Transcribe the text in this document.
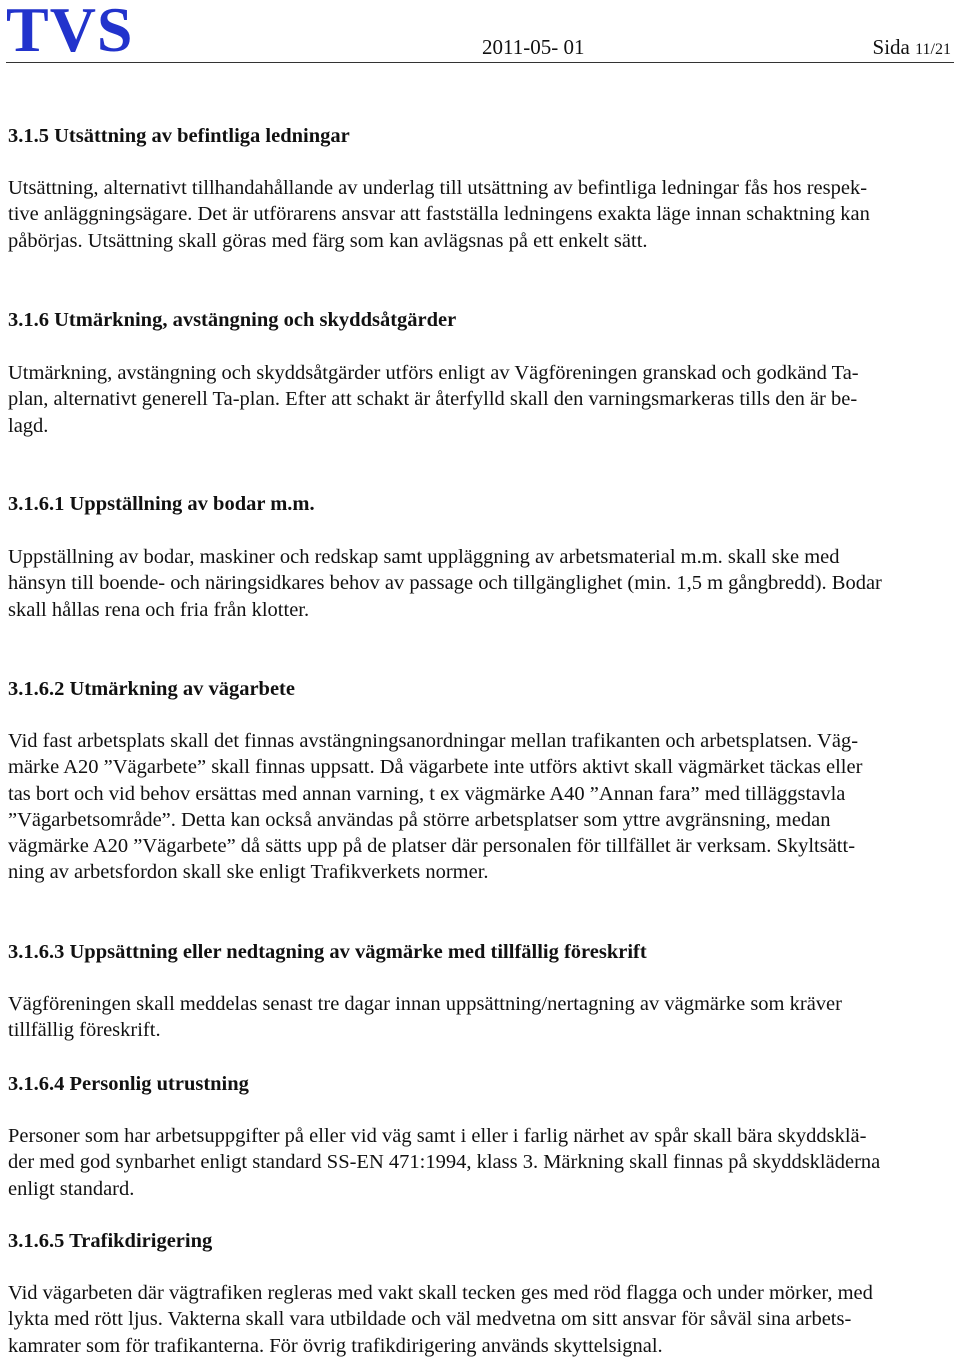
TVS	2011-05- 01	Sida 11/21
3.1.5 Utsättning av befintliga ledningar

Utsättning, alternativt tillhandahållande av underlag till utsättning av befintliga ledningar fås hos respek-
tive anläggningsägare. Det är utförarens ansvar att fastställa ledningens exakta läge innan schaktning kan
påbörjas. Utsättning skall göras med färg som kan avlägsnas på ett enkelt sätt.

3.1.6 Utmärkning, avstängning och skyddsåtgärder

Utmärkning, avstängning och skyddsåtgärder utförs enligt av Vägföreningen granskad och godkänd Ta-
plan, alternativt generell Ta-plan. Efter att schakt är återfylld skall den varningsmarkeras tills den är be-
lagd.

3.1.6.1 Uppställning av bodar m.m.

Uppställning av bodar, maskiner och redskap samt uppläggning av arbetsmaterial m.m. skall ske med
hänsyn till boende- och näringsidkares behov av passage och tillgänglighet (min. 1,5 m gångbredd). Bodar
skall hållas rena och fria från klotter.

3.1.6.2 Utmärkning av vägarbete

Vid fast arbetsplats skall det finnas avstängningsanordningar mellan trafikanten och arbetsplatsen. Väg-
märke A20 ”Vägarbete” skall finnas uppsatt. Då vägarbete inte utförs aktivt skall vägmärket täckas eller
tas bort och vid behov ersättas med annan varning, t ex vägmärke A40 ”Annan fara” med tilläggstavla
”Vägarbetsområde”. Detta kan också användas på större arbetsplatser som yttre avgränsning, medan
vägmärke A20 ”Vägarbete” då sätts upp på de platser där personalen för tillfället är verksam. Skyltsätt-
ning av arbetsfordon skall ske enligt Trafikverkets normer.

3.1.6.3 Uppsättning eller nedtagning av vägmärke med tillfällig föreskrift

Vägföreningen skall meddelas senast tre dagar innan uppsättning/nertagning av vägmärke som kräver
tillfällig föreskrift.

3.1.6.4 Personlig utrustning

Personer som har arbetsuppgifter på eller vid väg samt i eller i farlig närhet av spår skall bära skyddsklä-
der med god synbarhet enligt standard SS-EN 471:1994, klass 3. Märkning skall finnas på skyddskläderna
enligt standard.

3.1.6.5 Trafikdirigering

Vid vägarbeten där vägtrafiken regleras med vakt skall tecken ges med röd flagga och under mörker, med
lykta med rött ljus. Vakterna skall vara utbildade och väl medvetna om sitt ansvar för såväl sina arbets-
kamrater som för trafikanterna. För övrig trafikdirigering används skyttelsignal.
